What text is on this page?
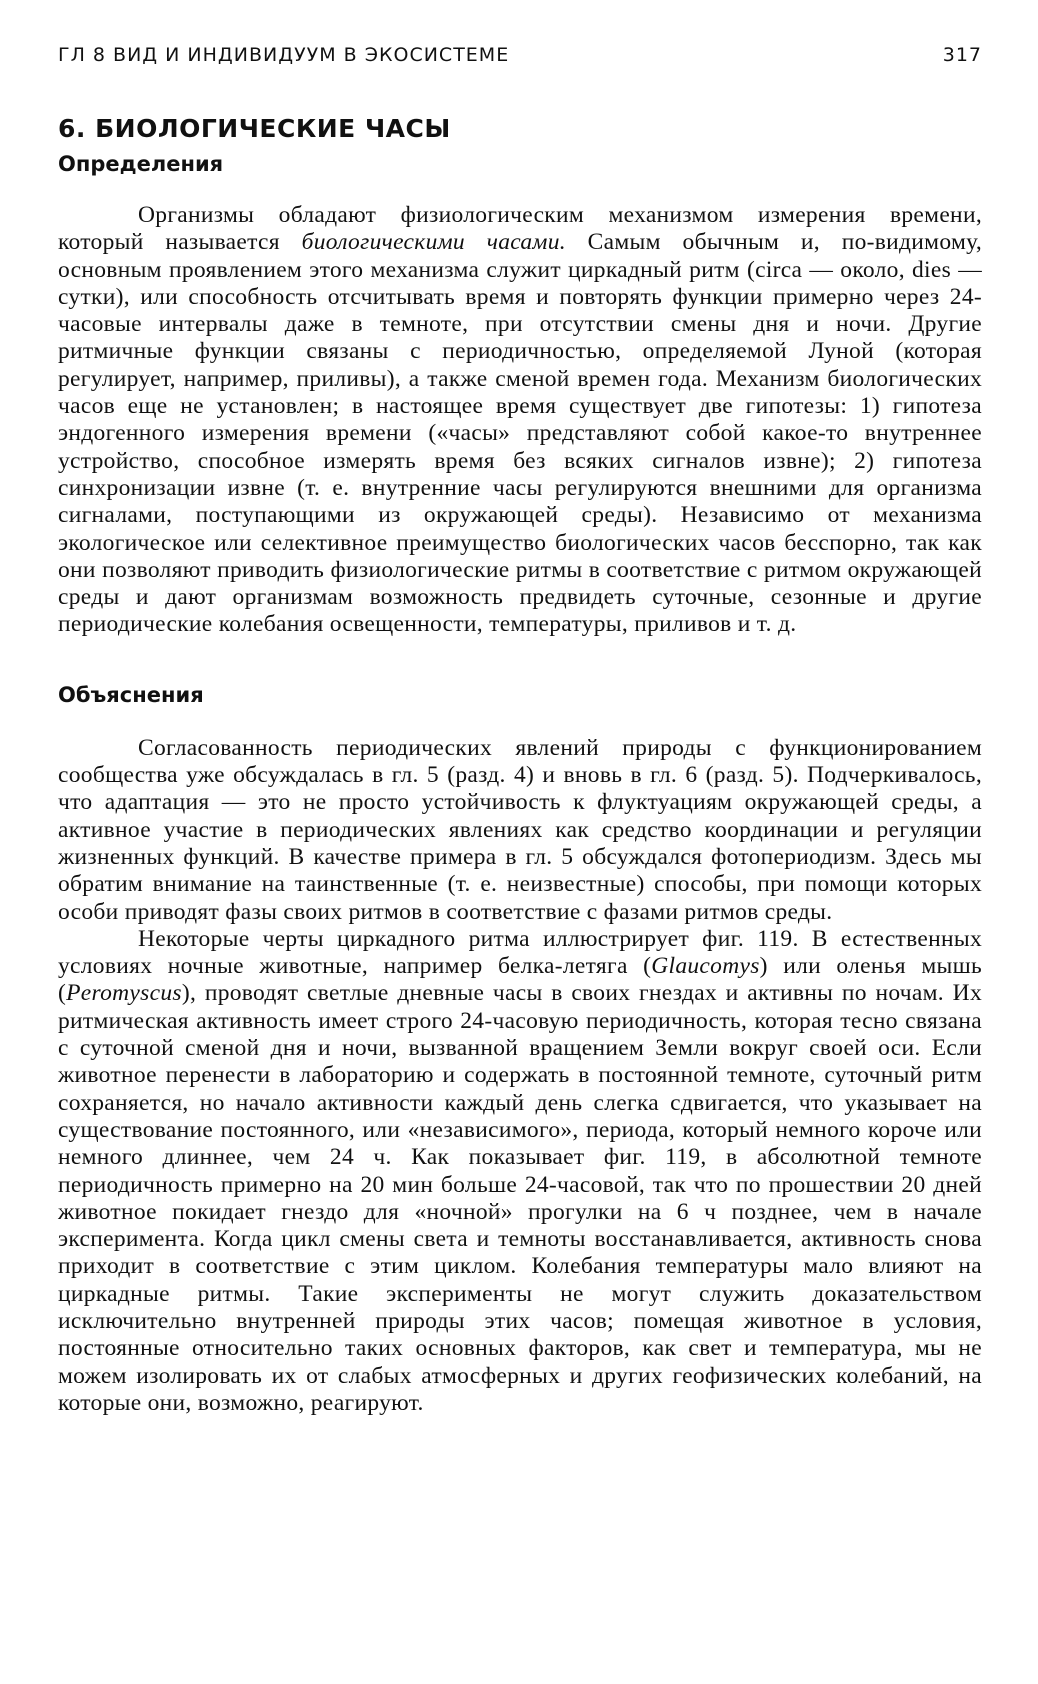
ГЛ 8 ВИД И ИНДИВИДУУМ В ЭКОСИСТЕМЕ	317
6. БИОЛОГИЧЕСКИЕ ЧАСЫ
Определения

Организмы обладают физиологическим механизмом измерения времени, который называется биологическими часами. Самым обычным и, по-видимому, основным проявлением этого механизма служит циркадный ритм (circa — около, dies — сутки), или способность отсчитывать время и повторять функции примерно через 24-часовые интервалы даже в темноте, при отсутствии смены дня и ночи. Другие ритмичные функции связаны с периодичностью, определяемой Луной (которая регулирует, например, приливы), а также сменой времен года. Механизм биологических часов еще не установлен; в настоящее время существует две гипотезы: 1) гипотеза эндогенного измерения времени («часы» представляют собой какое-то внутреннее устройство, способное измерять время без всяких сигналов извне); 2) гипотеза синхронизации извне (т. е. внутренние часы регулируются внешними для организма сигналами, поступающими из окружающей среды). Независимо от механизма экологическое или селективное преимущество биологических часов бесспорно, так как они позволяют приводить физиологические ритмы в соответствие с ритмом окружающей среды и дают организмам возможность предвидеть суточные, сезонные и другие периодические колебания освещенности, температуры, приливов и т. д.

Объяснения

Согласованность периодических явлений природы с функционированием сообщества уже обсуждалась в гл. 5 (разд. 4) и вновь в гл. 6 (разд. 5). Подчеркивалось, что адаптация — это не просто устойчивость к флуктуациям окружающей среды, а активное участие в периодических явлениях как средство координации и регуляции жизненных функций. В качестве примера в гл. 5 обсуждался фотопериодизм. Здесь мы обратим внимание на таинственные (т. е. неизвестные) способы, при помощи которых особи приводят фазы своих ритмов в соответствие с фазами ритмов среды.

Некоторые черты циркадного ритма иллюстрирует фиг. 119. В естественных условиях ночные животные, например белка-летяга (Glaucomys) или оленья мышь (Peromyscus), проводят светлые дневные часы в своих гнездах и активны по ночам. Их ритмическая активность имеет строго 24-часовую периодичность, которая тесно связана с суточной сменой дня и ночи, вызванной вращением Земли вокруг своей оси. Если животное перенести в лабораторию и содержать в постоянной темноте, суточный ритм сохраняется, но начало активности каждый день слегка сдвигается, что указывает на существование постоянного, или «независимого», периода, который немного короче или немного длиннее, чем 24 ч. Как показывает фиг. 119, в абсолютной темноте периодичность примерно на 20 мин больше 24-часовой, так что по прошествии 20 дней животное покидает гнездо для «ночной» прогулки на 6 ч позднее, чем в начале эксперимента. Когда цикл смены света и темноты восстанавливается, активность снова приходит в соответствие с этим циклом. Колебания температуры мало влияют на циркадные ритмы. Такие эксперименты не могут служить доказательством исключительно внутренней природы этих часов; помещая животное в условия, постоянные относительно таких основных факторов, как свет и температура, мы не можем изолировать их от слабых атмосферных и других геофизических колебаний, на которые они, возможно, реагируют.
